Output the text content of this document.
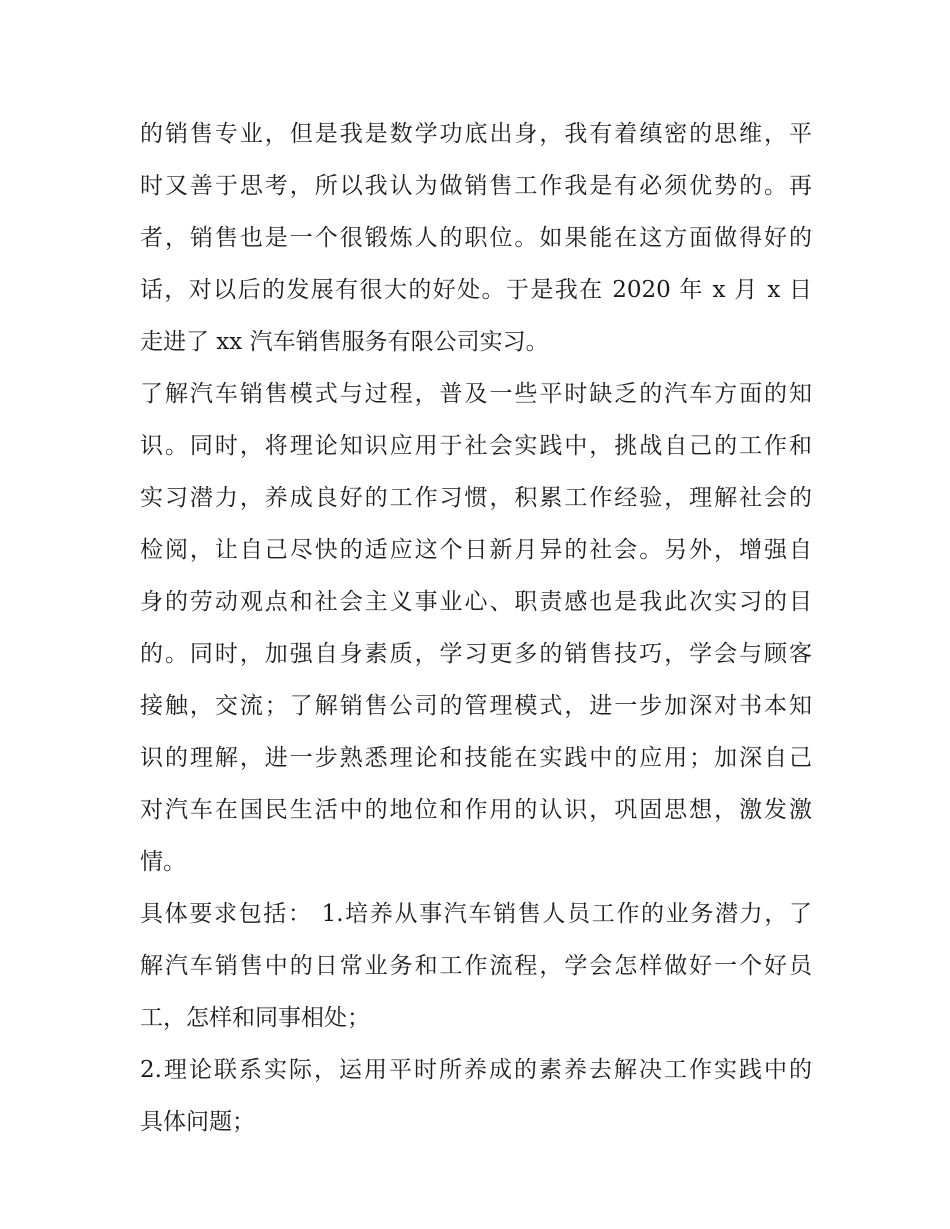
的销售专业，但是我是数学功底出身，我有着缜密的思维，平
时又善于思考，所以我认为做销售工作我是有必须优势的。再
者，销售也是一个很锻炼人的职位。如果能在这方面做得好的
话，对以后的发展有很大的好处。于是我在 2020 年 x 月 x 日
走进了 xx 汽车销售服务有限公司实习。
了解汽车销售模式与过程，普及一些平时缺乏的汽车方面的知
识。同时，将理论知识应用于社会实践中，挑战自己的工作和
实习潜力，养成良好的工作习惯，积累工作经验，理解社会的
检阅，让自己尽快的适应这个日新月异的社会。另外，增强自
身的劳动观点和社会主义事业心、职责感也是我此次实习的目
的。同时，加强自身素质，学习更多的销售技巧，学会与顾客
接触，交流；了解销售公司的管理模式，进一步加深对书本知
识的理解，进一步熟悉理论和技能在实践中的应用；加深自己
对汽车在国民生活中的地位和作用的认识，巩固思想，激发激
情。
具体要求包括： 1.培养从事汽车销售人员工作的业务潜力，了
解汽车销售中的日常业务和工作流程，学会怎样做好一个好员
工，怎样和同事相处；
2.理论联系实际，运用平时所养成的素养去解决工作实践中的
具体问题；
